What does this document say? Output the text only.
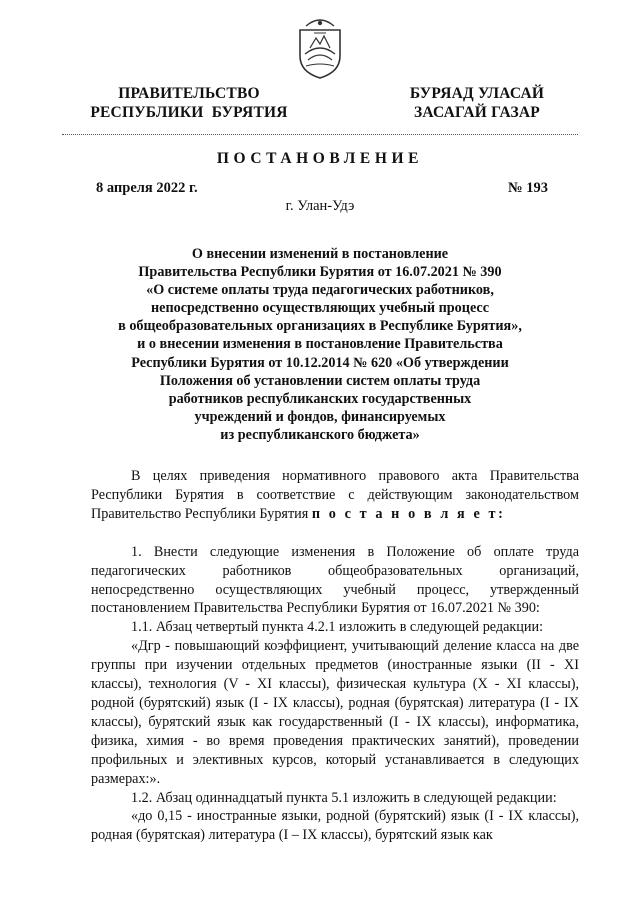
ПРАВИТЕЛЬСТВО
РЕСПУБЛИКИ  БУРЯТИЯ
БУРЯАД УЛАСАЙ
ЗАСАГАЙ ГАЗАР
ПОСТАНОВЛЕНИЕ
8 апреля 2022 г.	№ 193
г. Улан-Удэ
О внесении изменений в постановление
Правительства Республики Бурятия от 16.07.2021 № 390
«О системе оплаты труда педагогических работников,
непосредственно осуществляющих учебный процесс
в общеобразовательных организациях в Республике Бурятия»,
и о внесении изменения в постановление Правительства
Республики Бурятия от 10.12.2014 № 620 «Об утверждении
Положения об установлении систем оплаты труда
работников республиканских государственных
учреждений и фондов, финансируемых
из республиканского бюджета»

В целях приведения нормативного правового акта Правительства Республики Бурятия в соответствие с действующим законодательством Правительство Республики Бурятия п о с т а н о в л я е т:

1. Внести следующие изменения в Положение об оплате труда педагогических работников общеобразовательных организаций, непосредственно осуществляющих учебный процесс, утвержденный постановлением Правительства Республики Бурятия от 16.07.2021 № 390:

1.1. Абзац четвертый пункта 4.2.1 изложить в следующей редакции:

«Дгр - повышающий коэффициент, учитывающий деление класса на две группы при изучении отдельных предметов (иностранные языки (II - XI классы), технология (V - XI классы), физическая культура (X - XI классы), родной (бурятский) язык (I - IX классы), родная (бурятская) литература (I - IX классы), бурятский язык как государственный (I - IX классы), информатика, физика, химия - во время проведения практических занятий), проведении профильных и элективных курсов, который устанавливается в следующих размерах:».

1.2. Абзац одиннадцатый пункта 5.1 изложить в следующей редакции:

«до 0,15 - иностранные языки, родной (бурятский) язык (I - IX классы), родная (бурятская) литература (I – IX классы), бурятский язык как
